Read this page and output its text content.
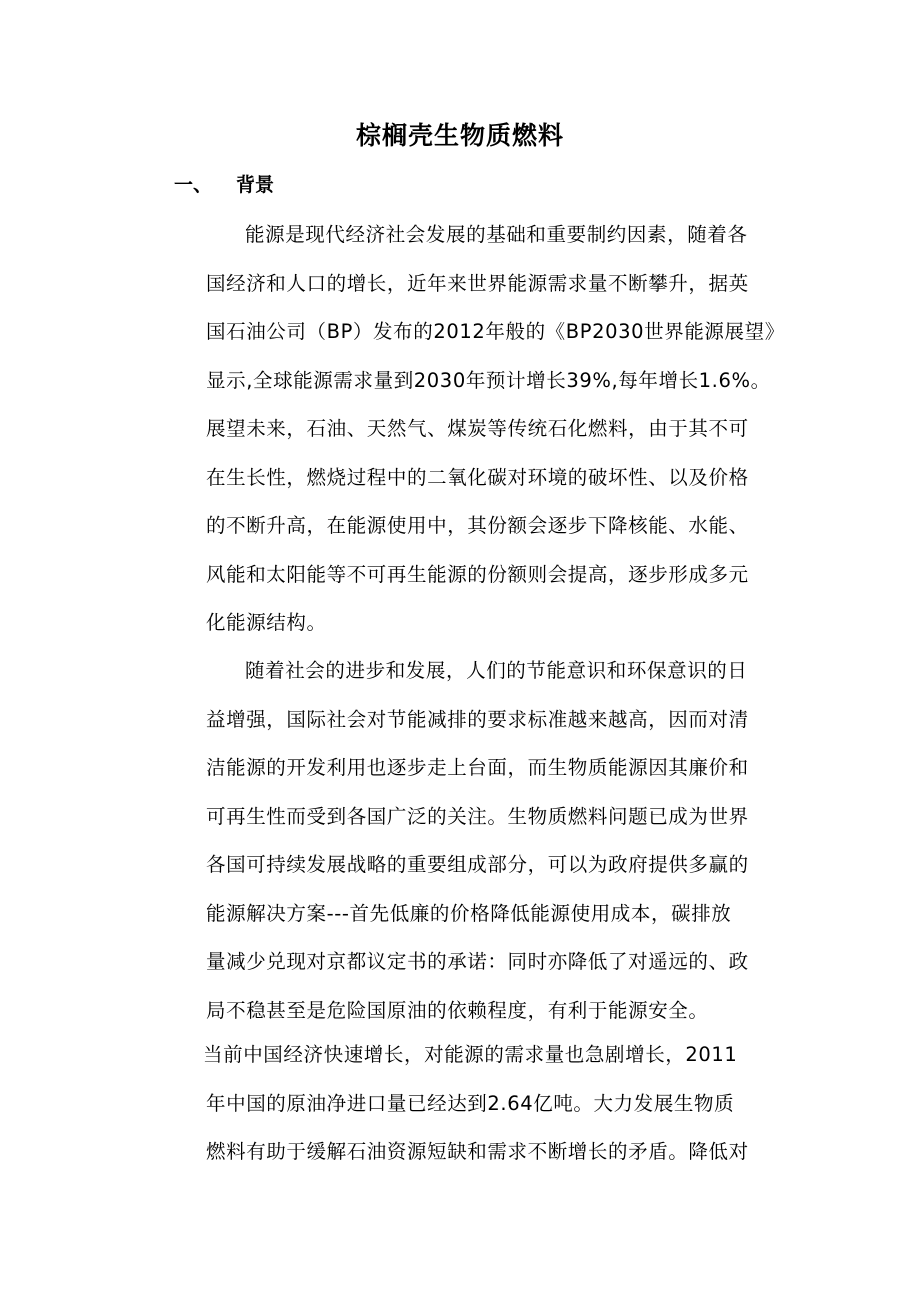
棕榈壳生物质燃料
一、 背景
能源是现代经济社会发展的基础和重要制约因素，随着各
国经济和人口的增长，近年来世界能源需求量不断攀升，据英
国石油公司（BP）发布的2012年般的《BP2030世界能源展望》
显示,全球能源需求量到2030年预计增长39%,每年增长1.6%。
展望未来，石油、天然气、煤炭等传统石化燃料，由于其不可
在生长性，燃烧过程中的二氧化碳对环境的破坏性、以及价格
的不断升高，在能源使用中，其份额会逐步下降核能、水能、
风能和太阳能等不可再生能源的份额则会提高，逐步形成多元
化能源结构。
随着社会的进步和发展，人们的节能意识和环保意识的日
益增强，国际社会对节能减排的要求标准越来越高，因而对清
洁能源的开发利用也逐步走上台面，而生物质能源因其廉价和
可再生性而受到各国广泛的关注。生物质燃料问题已成为世界
各国可持续发展战略的重要组成部分，可以为政府提供多赢的
能源解决方案---首先低廉的价格降低能源使用成本，碳排放
量减少兑现对京都议定书的承诺：同时亦降低了对遥远的、政
局不稳甚至是危险国原油的依赖程度，有利于能源安全。
当前中国经济快速增长，对能源的需求量也急剧增长，2011
年中国的原油净进口量已经达到2.64亿吨。大力发展生物质
燃料有助于缓解石油资源短缺和需求不断增长的矛盾。降低对
